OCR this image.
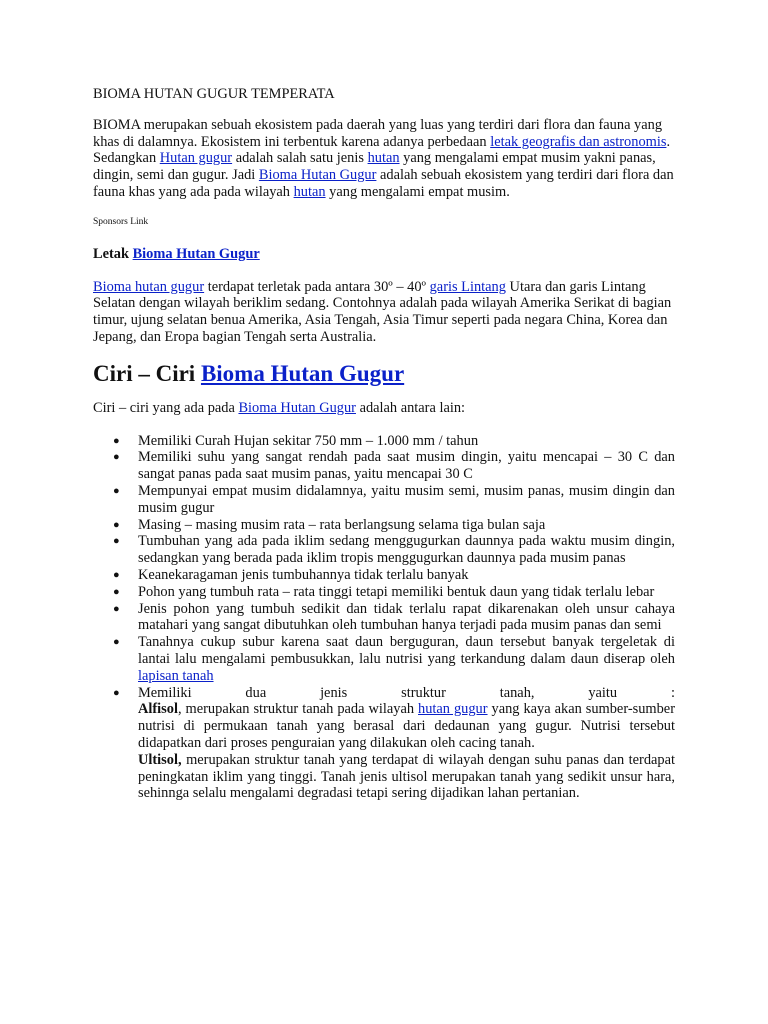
BIOMA HUTAN GUGUR TEMPERATA

BIOMA merupakan sebuah ekosistem pada daerah yang luas yang terdiri dari flora dan fauna yang khas di dalamnya. Ekosistem ini terbentuk karena adanya perbedaan letak geografis dan astronomis. Sedangkan Hutan gugur adalah salah satu jenis hutan yang mengalami empat musim yakni panas, dingin, semi dan gugur. Jadi Bioma Hutan Gugur adalah sebuah ekosistem yang terdiri dari flora dan fauna khas yang ada pada wilayah hutan yang mengalami empat musim.

Sponsors Link

Letak Bioma Hutan Gugur

Bioma hutan gugur terdapat terletak pada antara 30º – 40º garis Lintang Utara dan garis Lintang Selatan dengan wilayah beriklim sedang. Contohnya adalah pada wilayah Amerika Serikat di bagian timur, ujung selatan benua Amerika, Asia Tengah, Asia Timur seperti pada negara China, Korea dan Jepang, dan Eropa bagian Tengah serta Australia.

Ciri – Ciri Bioma Hutan Gugur

Ciri – ciri yang ada pada Bioma Hutan Gugur adalah antara lain:

● Memiliki Curah Hujan sekitar 750 mm – 1.000 mm / tahun
● Memiliki suhu yang sangat rendah pada saat musim dingin, yaitu mencapai – 30 C dan sangat panas pada saat musim panas, yaitu mencapai 30 C
● Mempunyai empat musim didalamnya, yaitu musim semi, musim panas, musim dingin dan musim gugur
● Masing – masing musim rata – rata berlangsung selama tiga bulan saja
● Tumbuhan yang ada pada iklim sedang menggugurkan daunnya pada waktu musim dingin, sedangkan yang berada pada iklim tropis menggugurkan daunnya pada musim panas
● Keanekaragaman jenis tumbuhannya tidak terlalu banyak
● Pohon yang tumbuh rata – rata tinggi tetapi memiliki bentuk daun yang tidak terlalu lebar
● Jenis pohon yang tumbuh sedikit dan tidak terlalu rapat dikarenakan oleh unsur cahaya matahari yang sangat dibutuhkan oleh tumbuhan hanya terjadi pada musim panas dan semi
● Tanahnya cukup subur karena saat daun berguguran, daun tersebut banyak tergeletak di lantai lalu mengalami pembusukkan, lalu nutrisi yang terkandung dalam daun diserap oleh lapisan tanah
● Memiliki dua jenis struktur tanah, yaitu :
Alfisol, merupakan struktur tanah pada wilayah hutan gugur yang kaya akan sumber-sumber nutrisi di permukaan tanah yang berasal dari dedaunan yang gugur. Nutrisi tersebut didapatkan dari proses penguraian yang dilakukan oleh cacing tanah.
Ultisol, merupakan struktur tanah yang terdapat di wilayah dengan suhu panas dan terdapat peningkatan iklim yang tinggi. Tanah jenis ultisol merupakan tanah yang sedikit unsur hara, sehinnga selalu mengalami degradasi tetapi sering dijadikan lahan pertanian.
